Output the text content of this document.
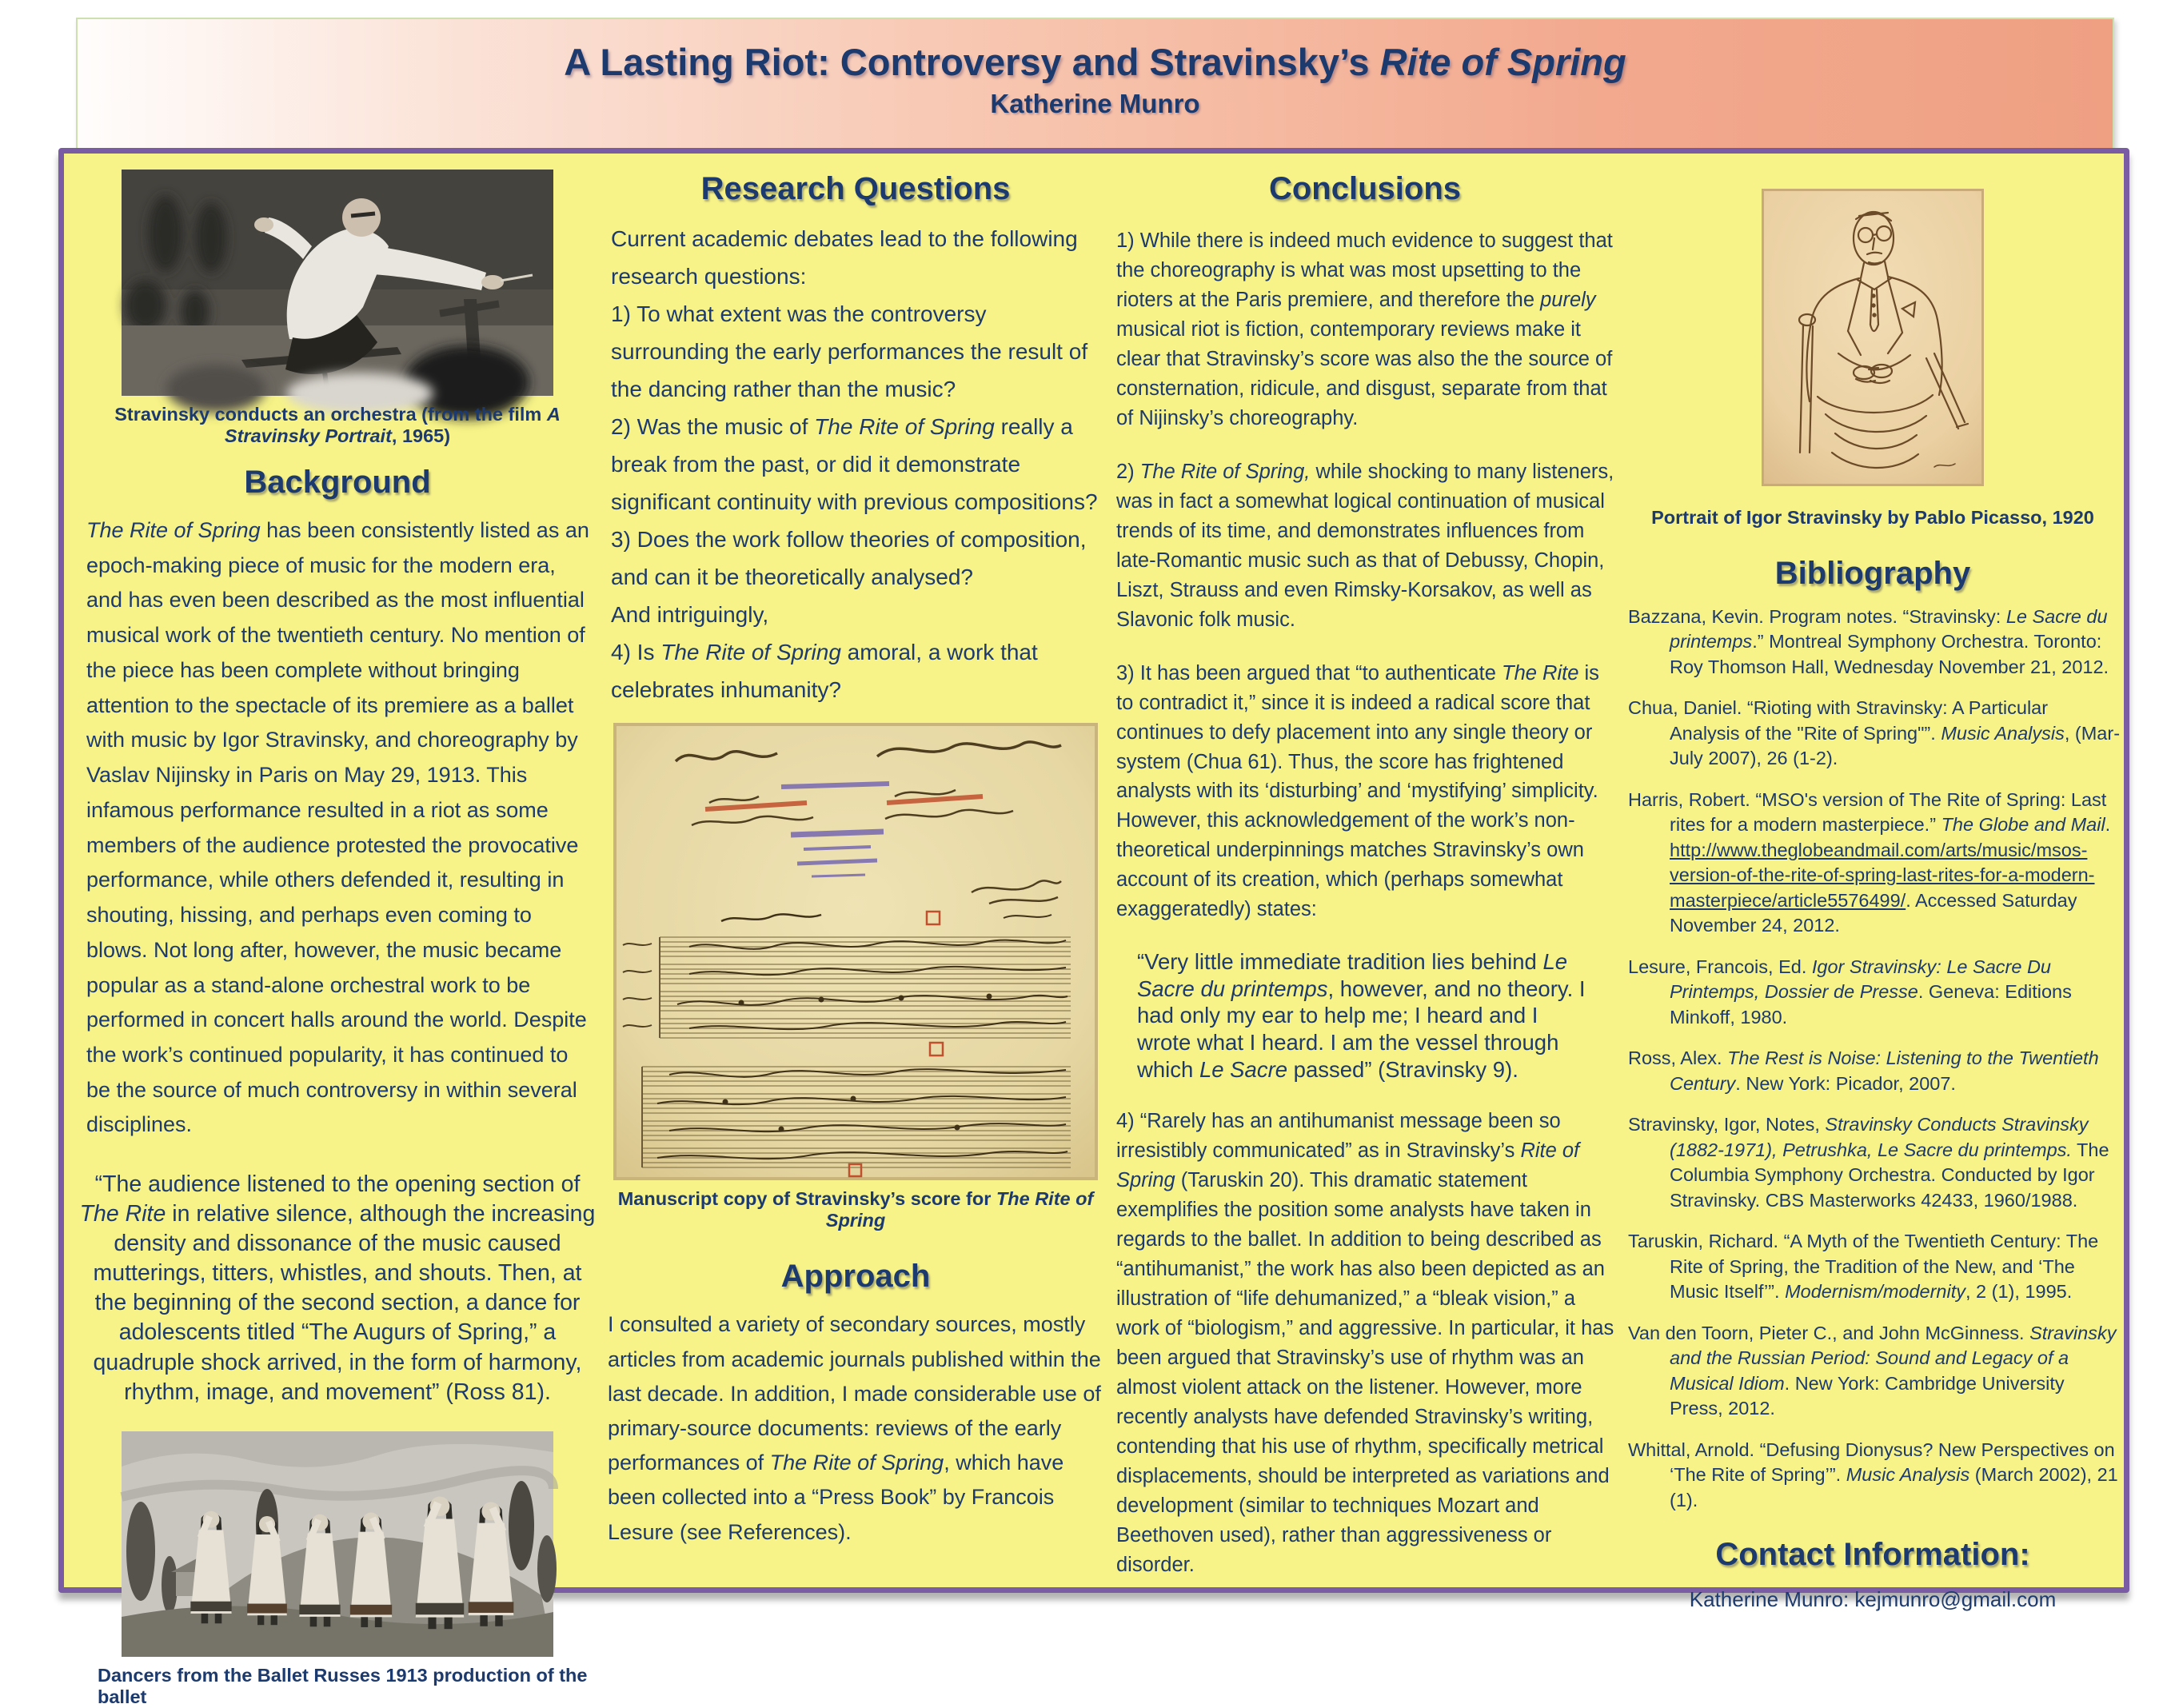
A Lasting Riot: Controversy and Stravinsky’s Rite of Spring
Katherine Munro
Stravinsky conducts an orchestra (from the film A Stravinsky Portrait, 1965)
Background

The Rite of Spring has been consistently listed as an epoch-making piece of music for the modern era, and has even been described as the most influential musical work of the twentieth century. No mention of the piece has been complete without bringing attention to the spectacle of its premiere as a ballet with music by Igor Stravinsky, and choreography by Vaslav Nijinsky in Paris on May 29, 1913. This infamous performance resulted in a riot as some members of the audience protested the provocative performance, while others defended it, resulting in shouting, hissing, and perhaps even coming to blows. Not long after, however, the music became popular as a stand-alone orchestral work to be performed in concert halls around the world. Despite the work’s continued popularity, it has continued to be the source of much controversy in within several disciplines.

“The audience listened to the opening section of The Rite in relative silence, although the increasing density and dissonance of the music caused mutterings, titters, whistles, and shouts. Then, at the beginning of the second section, a dance for adolescents titled “The Augurs of Spring,” a quadruple shock arrived, in the form of harmony, rhythm, image, and movement” (Ross 81).
Dancers from the Ballet Russes 1913 production of the ballet
Research Questions

Current academic debates lead to the following research questions:

1) To what extent was the controversy surrounding the early performances the result of the dancing rather than the music?

2) Was the music of The Rite of Spring really a break from the past, or did it demonstrate significant continuity with previous compositions?

3) Does the work follow theories of composition, and can it be theoretically analysed?

And intriguingly,

4) Is The Rite of Spring amoral, a work that celebrates inhumanity?

Manuscript copy of Stravinsky’s score for The Rite of Spring
Approach

I consulted a variety of secondary sources, mostly articles from academic journals published within the last decade. In addition, I made considerable use of primary-source documents: reviews of the early performances of The Rite of Spring, which have been collected into a “Press Book” by Francois Lesure (see References).

Conclusions

1) While there is indeed much evidence to suggest that the choreography is what was most upsetting to the rioters at the Paris premiere, and therefore the purely musical riot is fiction, contemporary reviews make it clear that Stravinsky’s score was also the the source of consternation, ridicule, and disgust, separate from that of Nijinsky’s choreography.

2) The Rite of Spring, while shocking to many listeners, was in fact a somewhat logical continuation of musical trends of its time, and demonstrates influences from late-Romantic music such as that of Debussy, Chopin, Liszt, Strauss and even Rimsky-Korsakov, as well as Slavonic folk music.

3) It has been argued that “to authenticate The Rite is to contradict it,” since it is indeed a radical score that continues to defy placement into any single theory or system (Chua 61). Thus, the score has frightened analysts with its ‘disturbing’ and ‘mystifying’ simplicity. However, this acknowledgement of the work’s non-theoretical underpinnings matches Stravinsky’s own account of its creation, which (perhaps somewhat exaggeratedly) states:

“Very little immediate tradition lies behind Le Sacre du printemps, however, and no theory. I had only my ear to help me; I heard and I wrote what I heard. I am the vessel through which Le Sacre passed” (Stravinsky 9).

4) “Rarely has an antihumanist message been so irresistibly communicated” as in Stravinsky’s Rite of Spring (Taruskin 20). This dramatic statement exemplifies the position some analysts have taken in regards to the ballet. In addition to being described as “antihumanist,” the work has also been depicted as an illustration of “life dehumanized,” a “bleak vision,” a work of “biologism,” and aggressive. In particular, it has been argued that Stravinsky’s use of rhythm was an almost violent attack on the listener. However, more recently analysts have defended Stravinsky’s writing, contending that his use of rhythm, specifically metrical displacements, should be interpreted as variations and development (similar to techniques Mozart and Beethoven used), rather than aggressiveness or disorder.

Portrait of Igor Stravinsky by Pablo Picasso, 1920
Bibliography

Bazzana, Kevin. Program notes. “Stravinsky: Le Sacre du printemps.” Montreal Symphony Orchestra. Toronto: Roy Thomson Hall, Wednesday November 21, 2012.

Chua, Daniel. “Rioting with Stravinsky: A Particular Analysis of the "Rite of Spring"”. Music Analysis, (Mar-July 2007), 26 (1-2).

Harris, Robert. “MSO's version of The Rite of Spring: Last rites for a modern masterpiece.” The Globe and Mail. http://www.theglobeandmail.com/arts/music/msos-version-of-the-rite-of-spring-last-rites-for-a-modern-masterpiece/article5576499/. Accessed Saturday November 24, 2012.

Lesure, Francois, Ed. Igor Stravinsky: Le Sacre Du Printemps, Dossier de Presse. Geneva: Editions Minkoff, 1980.

Ross, Alex. The Rest is Noise: Listening to the Twentieth Century. New York: Picador, 2007.

Stravinsky, Igor, Notes, Stravinsky Conducts Stravinsky (1882-1971), Petrushka, Le Sacre du printemps. The Columbia Symphony Orchestra. Conducted by Igor Stravinsky. CBS Masterworks 42433, 1960/1988.

Taruskin, Richard. “A Myth of the Twentieth Century: The Rite of Spring, the Tradition of the New, and ‘The Music Itself’”. Modernism/modernity, 2 (1), 1995.

Van den Toorn, Pieter C., and John McGinness. Stravinsky and the Russian Period: Sound and Legacy of a Musical Idiom. New York: Cambridge University Press, 2012.

Whittal, Arnold. “Defusing Dionysus? New Perspectives on ‘The Rite of Spring’”. Music Analysis (March 2002), 21 (1).

Contact Information:
Katherine Munro: kejmunro@gmail.com
